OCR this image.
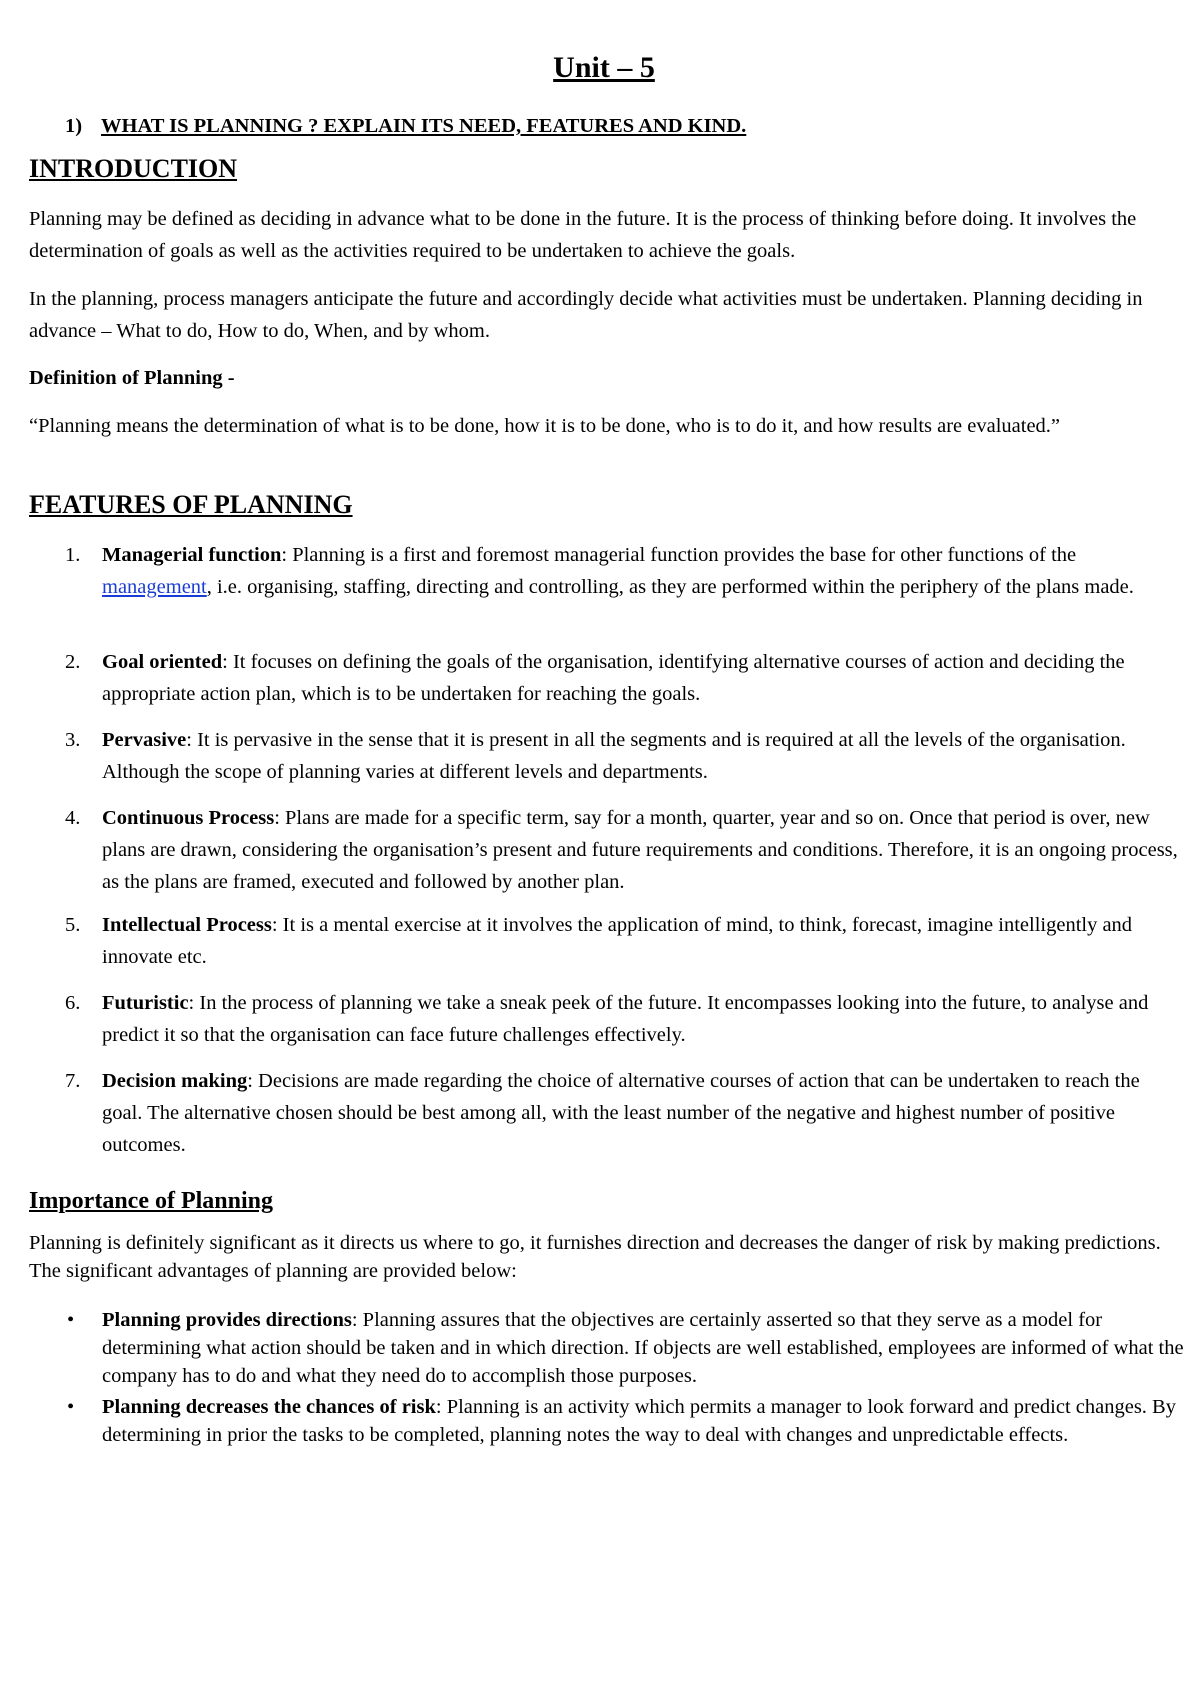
Unit – 5
1) WHAT IS PLANNING ? EXPLAIN ITS NEED, FEATURES AND KIND.
INTRODUCTION
Planning may be defined as deciding in advance what to be done in the future. It is the process of thinking before doing. It involves the determination of goals as well as the activities required to be undertaken to achieve the goals.
In the planning, process managers anticipate the future and accordingly decide what activities must be undertaken. Planning deciding in advance – What to do, How to do, When, and by whom.
Definition of Planning -
“Planning means the determination of what is to be done, how it is to be done, who is to do it, and how results are evaluated.”
FEATURES OF PLANNING
1.	Managerial function: Planning is a first and foremost managerial function provides the base for other functions of the management, i.e. organising, staffing, directing and controlling, as they are performed within the periphery of the plans made.
2.	Goal oriented: It focuses on defining the goals of the organisation, identifying alternative courses of action and deciding the appropriate action plan, which is to be undertaken for reaching the goals.
3.	Pervasive: It is pervasive in the sense that it is present in all the segments and is required at all the levels of the organisation. Although the scope of planning varies at different levels and departments.
4.	Continuous Process: Plans are made for a specific term, say for a month, quarter, year and so on. Once that period is over, new plans are drawn, considering the organisation’s present and future requirements and conditions. Therefore, it is an ongoing process, as the plans are framed, executed and followed by another plan.
5.	Intellectual Process: It is a mental exercise at it involves the application of mind, to think, forecast, imagine intelligently and innovate etc.
6.	Futuristic: In the process of planning we take a sneak peek of the future. It encompasses looking into the future, to analyse and predict it so that the organisation can face future challenges effectively.
7.	Decision making: Decisions are made regarding the choice of alternative courses of action that can be undertaken to reach the goal. The alternative chosen should be best among all, with the least number of the negative and highest number of positive outcomes.
Importance of Planning
Planning is definitely significant as it directs us where to go, it furnishes direction and decreases the danger of risk by making predictions. The significant advantages of planning are provided below:
• Planning provides directions: Planning assures that the objectives are certainly asserted so that they serve as a model for determining what action should be taken and in which direction. If objects are well established, employees are informed of what the company has to do and what they need do to accomplish those purposes.
• Planning decreases the chances of risk: Planning is an activity which permits a manager to look forward and predict changes. By determining in prior the tasks to be completed, planning notes the way to deal with changes and unpredictable effects.
